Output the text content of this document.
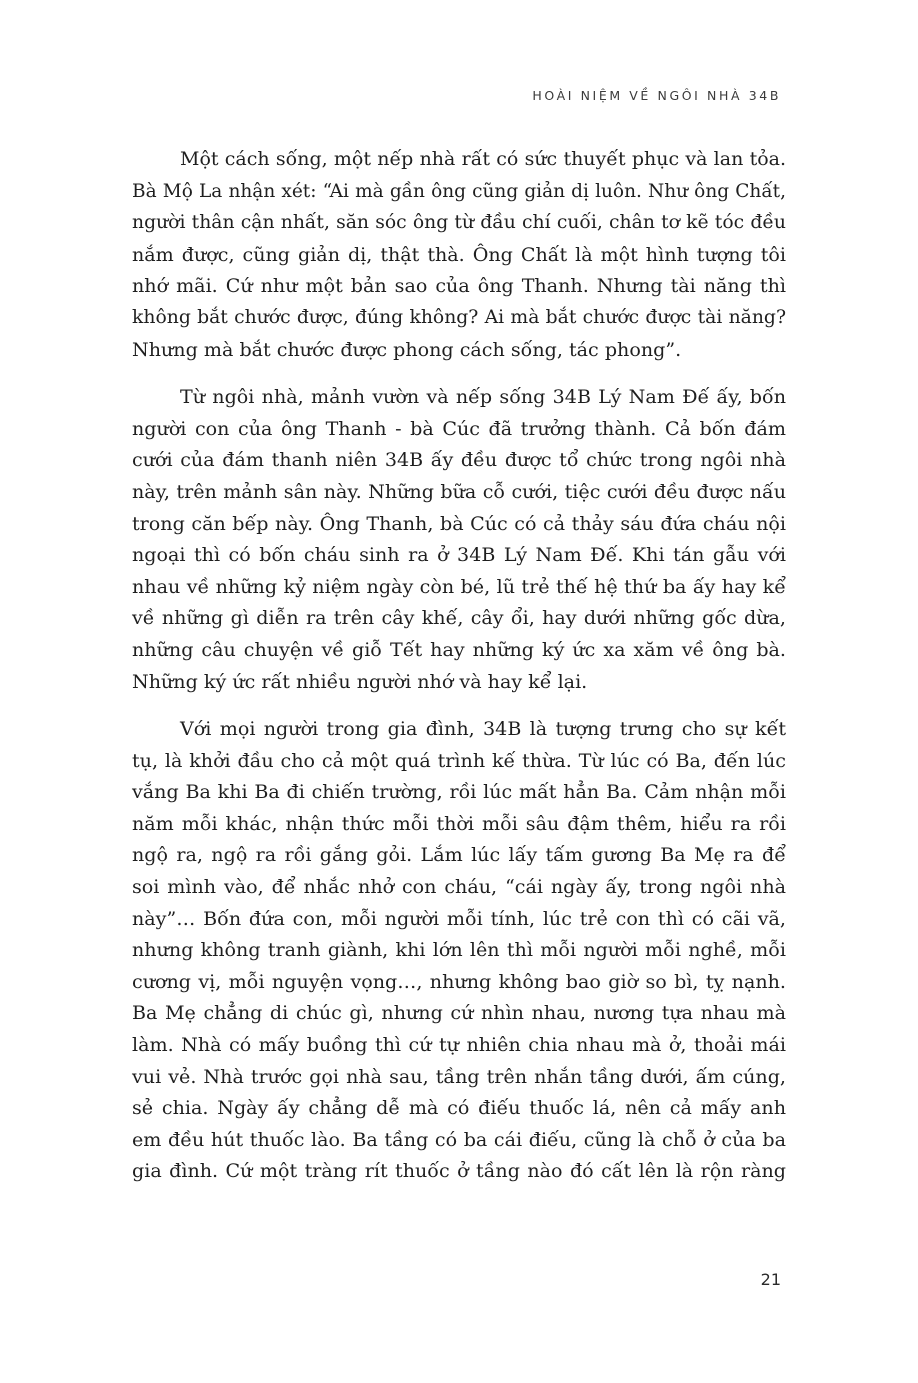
HOÀI NIỆM VỀ NGÔI NHÀ 34B

Một cách sống, một nếp nhà rất có sức thuyết phục và lan tỏa.
Bà Mộ La nhận xét: “Ai mà gần ông cũng giản dị luôn. Như ông Chất,
người thân cận nhất, săn sóc ông từ đầu chí cuối, chân tơ kẽ tóc đều
nắm được, cũng giản dị, thật thà. Ông Chất là một hình tượng tôi
nhớ mãi. Cứ như một bản sao của ông Thanh. Nhưng tài năng thì
không bắt chước được, đúng không? Ai mà bắt chước được tài năng?
Nhưng mà bắt chước được phong cách sống, tác phong”.

Từ ngôi nhà, mảnh vườn và nếp sống 34B Lý Nam Đế ấy, bốn
người con của ông Thanh - bà Cúc đã trưởng thành. Cả bốn đám
cưới của đám thanh niên 34B ấy đều được tổ chức trong ngôi nhà
này, trên mảnh sân này. Những bữa cỗ cưới, tiệc cưới đều được nấu
trong căn bếp này. Ông Thanh, bà Cúc có cả thảy sáu đứa cháu nội
ngoại thì có bốn cháu sinh ra ở 34B Lý Nam Đế. Khi tán gẫu với
nhau về những kỷ niệm ngày còn bé, lũ trẻ thế hệ thứ ba ấy hay kể
về những gì diễn ra trên cây khế, cây ổi, hay dưới những gốc dừa,
những câu chuyện về giỗ Tết hay những ký ức xa xăm về ông bà.
Những ký ức rất nhiều người nhớ và hay kể lại.

Với mọi người trong gia đình, 34B là tượng trưng cho sự kết
tụ, là khởi đầu cho cả một quá trình kế thừa. Từ lúc có Ba, đến lúc
vắng Ba khi Ba đi chiến trường, rồi lúc mất hẳn Ba. Cảm nhận mỗi
năm mỗi khác, nhận thức mỗi thời mỗi sâu đậm thêm, hiểu ra rồi
ngộ ra, ngộ ra rồi gắng gỏi. Lắm lúc lấy tấm gương Ba Mẹ ra để
soi mình vào, để nhắc nhở con cháu, “cái ngày ấy, trong ngôi nhà
này”… Bốn đứa con, mỗi người mỗi tính, lúc trẻ con thì có cãi vã,
nhưng không tranh giành, khi lớn lên thì mỗi người mỗi nghề, mỗi
cương vị, mỗi nguyện vọng…, nhưng không bao giờ so bì, tỵ nạnh.
Ba Mẹ chẳng di chúc gì, nhưng cứ nhìn nhau, nương tựa nhau mà
làm. Nhà có mấy buồng thì cứ tự nhiên chia nhau mà ở, thoải mái
vui vẻ. Nhà trước gọi nhà sau, tầng trên nhắn tầng dưới, ấm cúng,
sẻ chia. Ngày ấy chẳng dễ mà có điếu thuốc lá, nên cả mấy anh
em đều hút thuốc lào. Ba tầng có ba cái điếu, cũng là chỗ ở của ba
gia đình. Cứ một tràng rít thuốc ở tầng nào đó cất lên là rộn ràng

21
